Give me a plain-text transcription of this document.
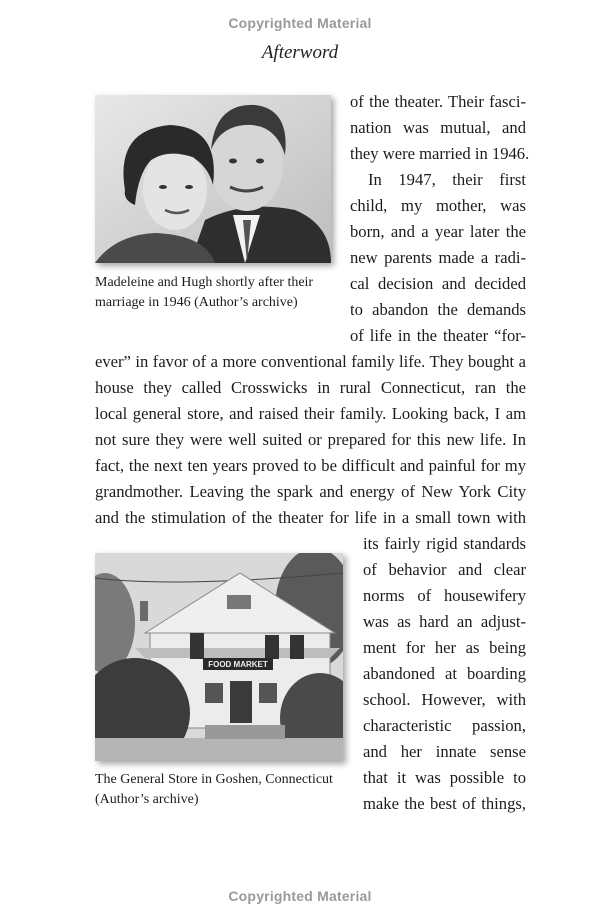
Copyrighted Material
Afterword
Madeleine and Hugh shortly after their
marriage in 1946 (Author’s archive)
FOOD MARKET
The General Store in Goshen, Connecticut
(Author’s archive)
of the theater. Their fasci-
nation was mutual, and
they were married in 1946.
In 1947, their first
child, my mother, was
born, and a year later the
new parents made a radi-
cal decision and decided
to abandon the demands
of life in the theater “for-
ever” in favor of a more conventional family life. They bought a
house they called Crosswicks in rural Connecticut, ran the
local general store, and raised their family. Looking back, I am
not sure they were well suited or prepared for this new life. In
fact, the next ten years proved to be difficult and painful for my
grandmother. Leaving the spark and energy of New York City
and the stimulation of the theater for life in a small town with
its fairly rigid standards
of behavior and clear
norms of housewifery
was as hard an adjust-
ment for her as being
abandoned at boarding
school. However, with
characteristic passion,
and her innate sense
that it was possible to
make the best of things,
Copyrighted Material
